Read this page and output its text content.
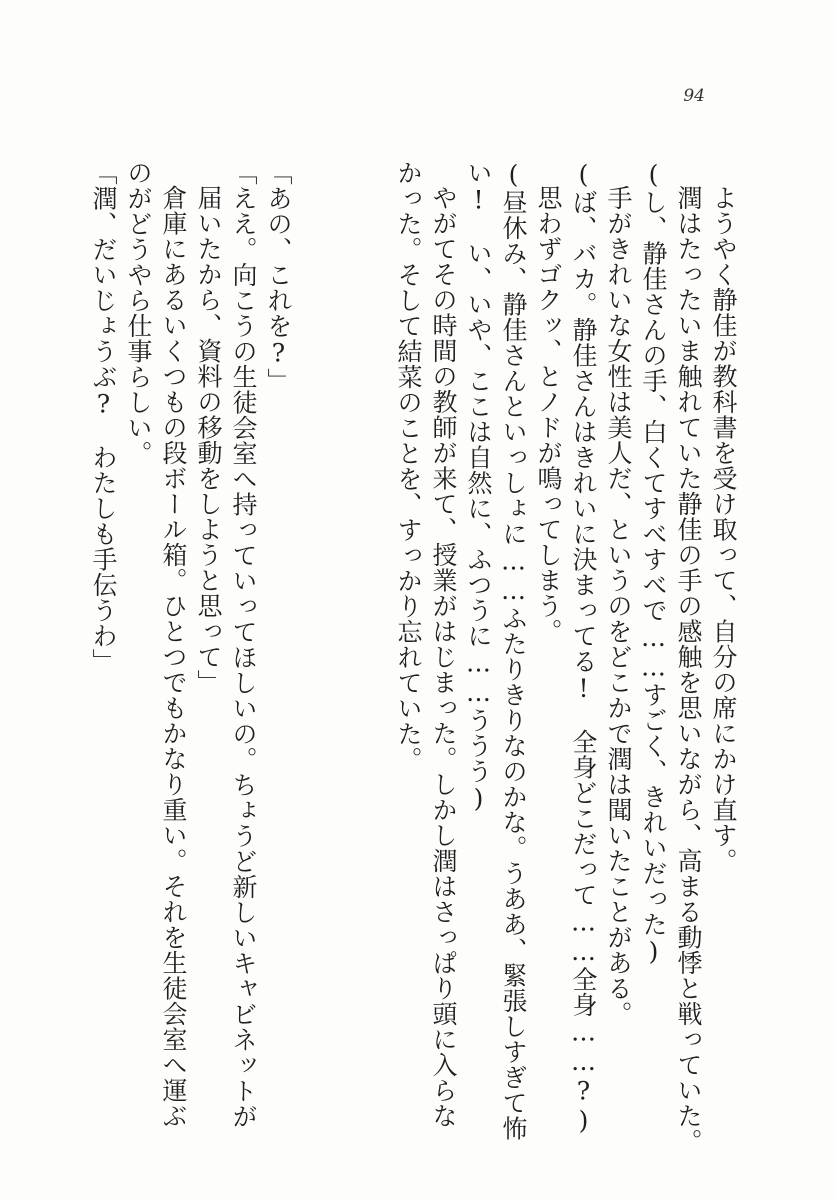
94

ようやく静佳が教科書を受け取って、自分の席にかけ直す。

潤はたったいま触れていた静佳の手の感触を思いながら、高まる動悸と戦っていた。

(し、静佳さんの手、白くてすべすべで……すごく、きれいだった)

手がきれいな女性は美人だ、というのをどこかで潤は聞いたことがある。

(ば、バカ。静佳さんはきれいに決まってる!　全身どこだって……全身……?)

思わずゴクッ、とノドが鳴ってしまう。

(昼休み、静佳さんといっしょに……ふたりきりなのかな。うああ、緊張しすぎて怖

い!　い、いや、ここは自然に、ふつうに……ううう)

やがてその時間の教師が来て、授業がはじまった。しかし潤はさっぱり頭に入らな

かった。そして結菜のことを、すっかり忘れていた。

「あの、これを?」

「ええ。向こうの生徒会室へ持っていってほしいの。ちょうど新しいキャビネットが

届いたから、資料の移動をしようと思って」

倉庫にあるいくつもの段ボール箱。ひとつでもかなり重い。それを生徒会室へ運ぶ

のがどうやら仕事らしい。

「潤、だいじょうぶ?　わたしも手伝うわ」
